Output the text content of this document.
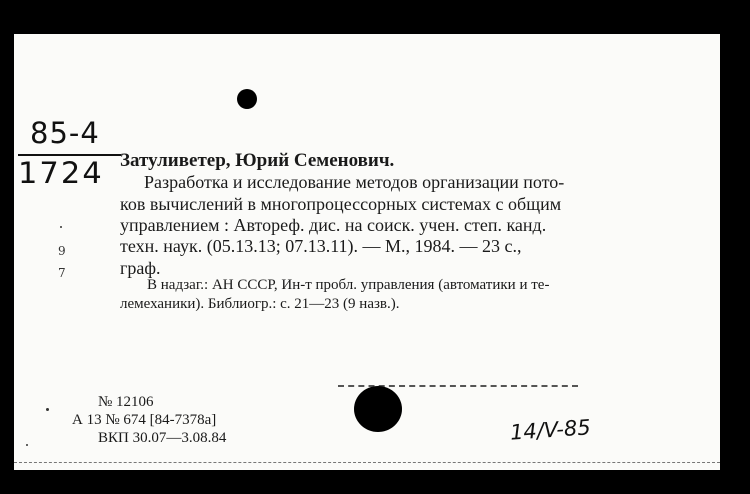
85-4
1724
9
7
Затуливетер, Юрий Семенович.
Разработка и исследование методов организации пото-
ков вычислений в многопроцессорных системах с общим
управлением : Автореф. дис. на соиск. учен. степ. канд.
техн. наук. (05.13.13; 07.13.11). — М., 1984. — 23 с.,
граф.
В надзаг.: АН СССР, Ин-т пробл. управления (автоматики и те-
лемеханики). Библиогр.: с. 21—23 (9 назв.).
№ 12106
А 13 № 674 [84-7378а]
ВКП 30.07—3.08.84	14/V-85
